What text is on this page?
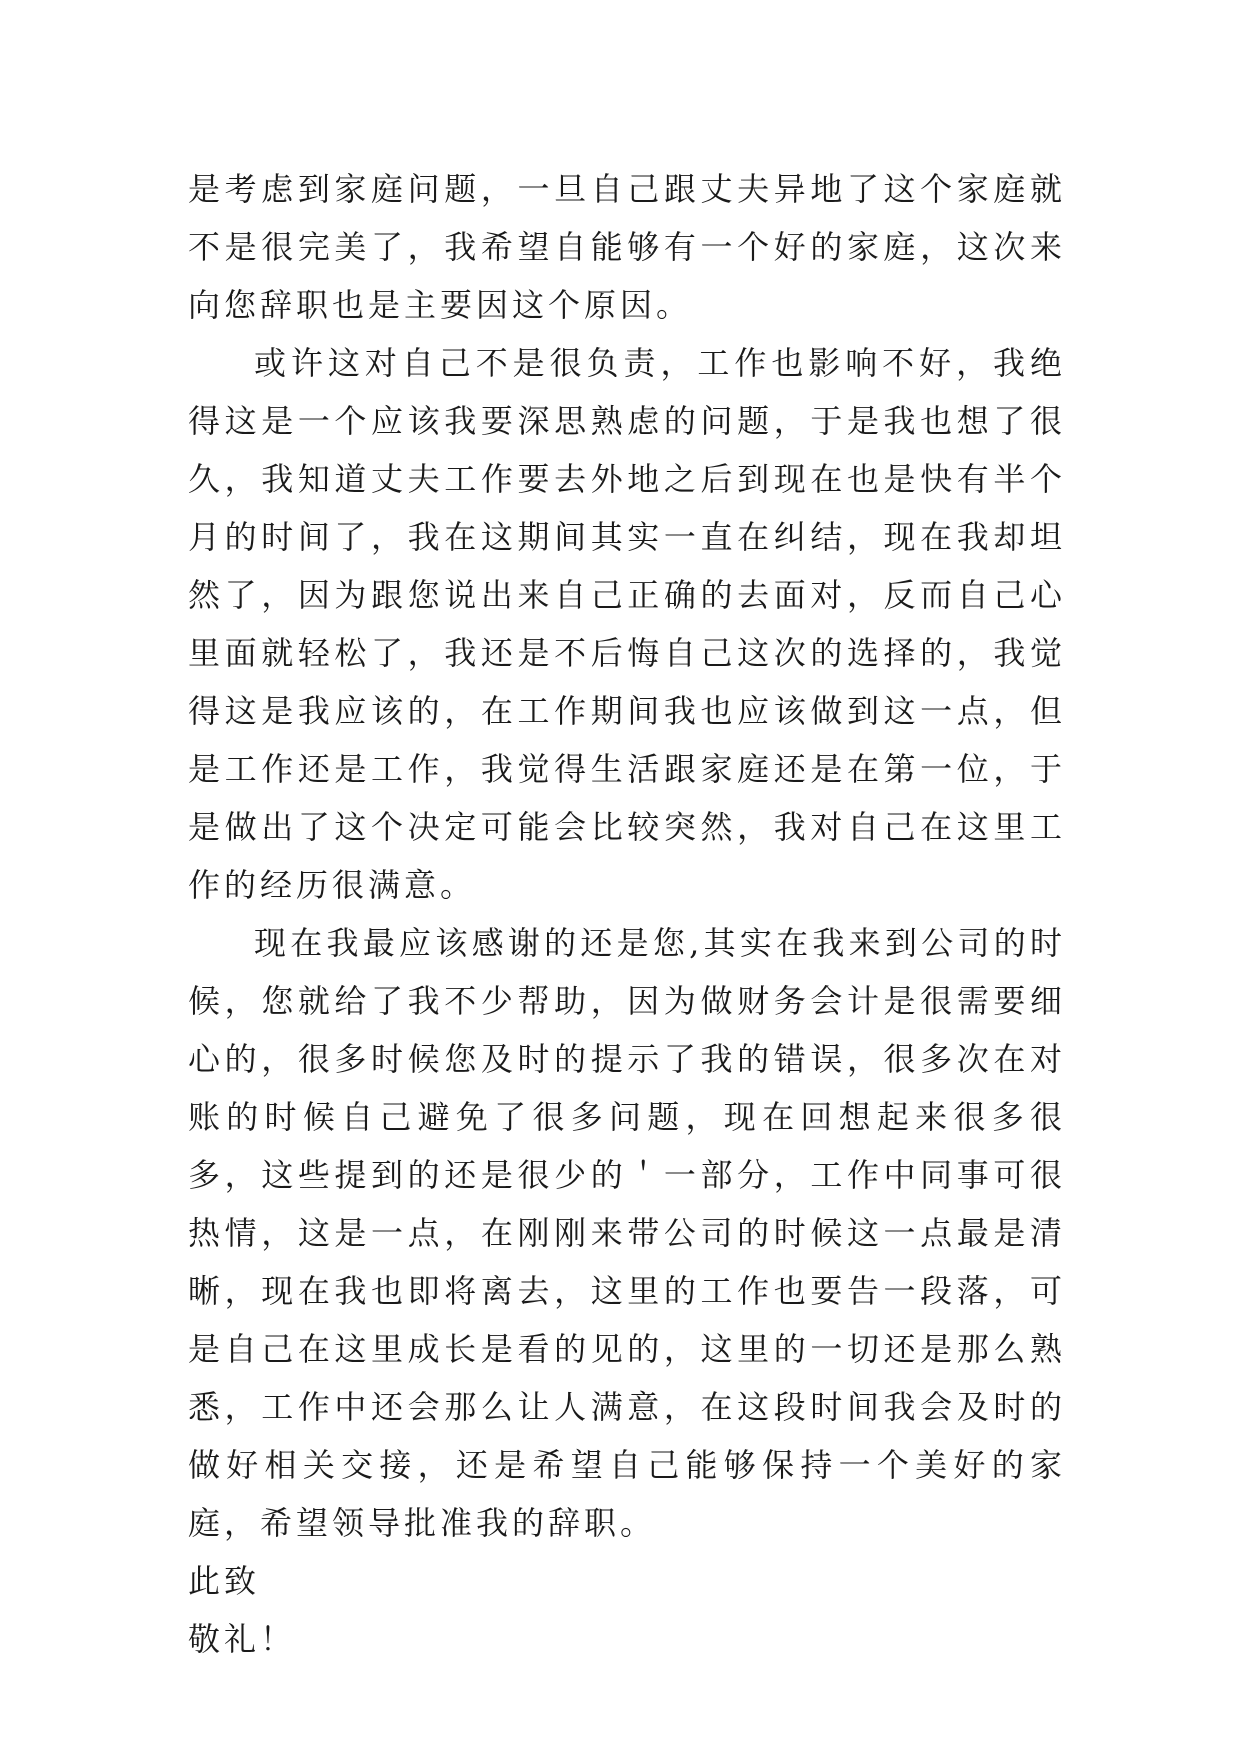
是考虑到家庭问题，一旦自己跟丈夫异地了这个家庭就不是很完美了，我希望自能够有一个好的家庭，这次来向您辞职也是主要因这个原因。

或许这对自己不是很负责，工作也影响不好，我绝得这是一个应该我要深思熟虑的问题，于是我也想了很久，我知道丈夫工作要去外地之后到现在也是快有半个月的时间了，我在这期间其实一直在纠结，现在我却坦然了，因为跟您说出来自己正确的去面对，反而自己心里面就轻松了，我还是不后悔自己这次的选择的，我觉得这是我应该的，在工作期间我也应该做到这一点，但是工作还是工作，我觉得生活跟家庭还是在第一位，于是做出了这个决定可能会比较突然，我对自己在这里工作的经历很满意。

现在我最应该感谢的还是您,其实在我来到公司的时候，您就给了我不少帮助，因为做财务会计是很需要细心的，很多时候您及时的提示了我的错误，很多次在对账的时候自己避免了很多问题，现在回想起来很多很多，这些提到的还是很少的＇一部分，工作中同事可很热情，这是一点，在刚刚来带公司的时候这一点最是清晰，现在我也即将离去，这里的工作也要告一段落，可是自己在这里成长是看的见的，这里的一切还是那么熟悉，工作中还会那么让人满意，在这段时间我会及时的做好相关交接，还是希望自己能够保持一个美好的家庭，希望领导批准我的辞职。

此致

敬礼！
